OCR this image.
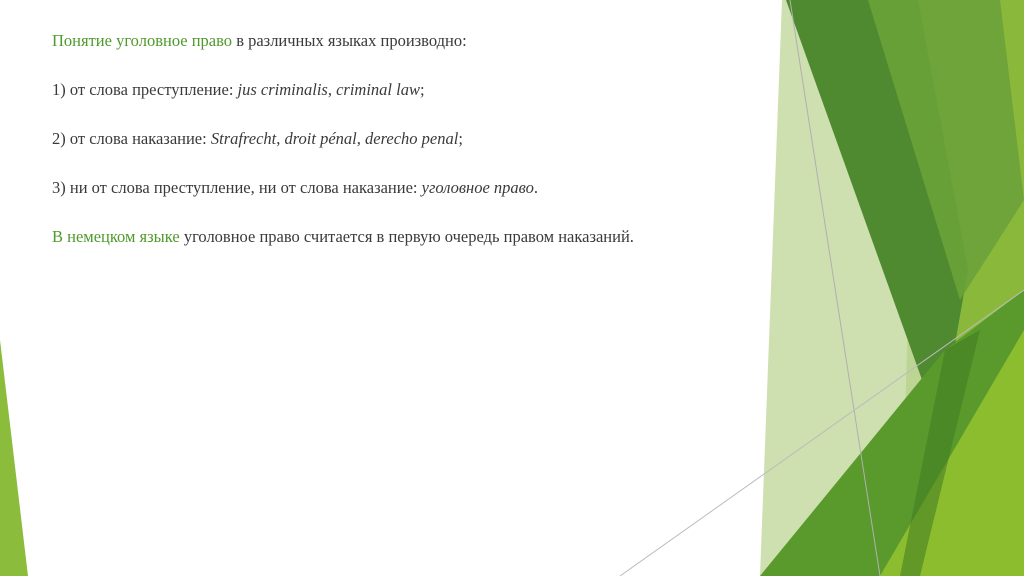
Понятие уголовное право в различных языках производно:

1) от слова преступление: jus criminalis, criminal law;

2) от слова наказание: Strafrecht, droit pénal, derecho penal;

3) ни от слова преступление, ни от слова наказание: уголовное право.

В немецком языке уголовное право считается в первую очередь правом наказаний.
